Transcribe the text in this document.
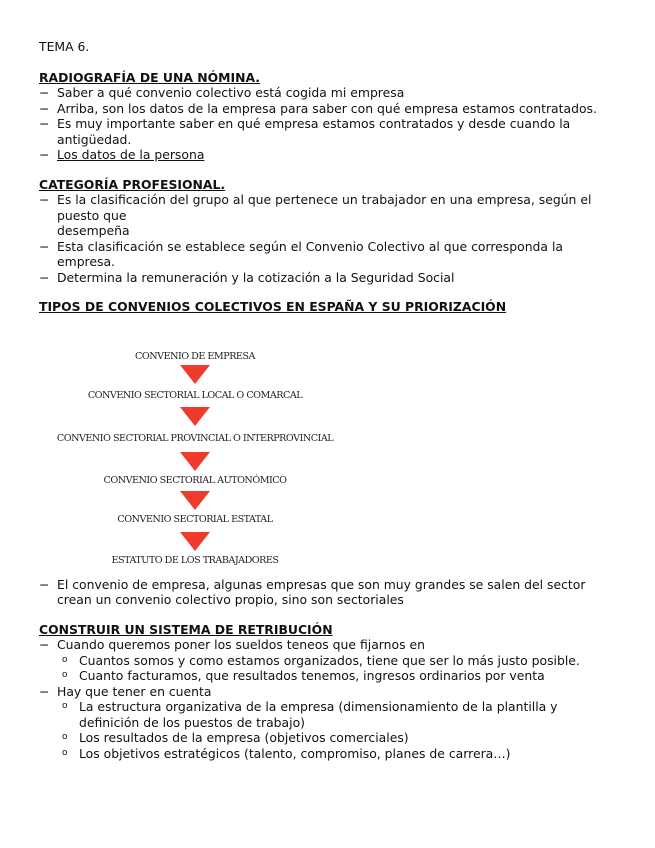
TEMA 6.
RADIOGRAFÍA DE UNA NÓMINA.
− Saber a qué convenio colectivo está cogida mi empresa
− Arriba, son los datos de la empresa para saber con qué empresa estamos contratados.
− Es muy importante saber en qué empresa estamos contratados y desde cuando la antigüedad.
− Los datos de la persona
CATEGORÍA PROFESIONAL.
− Es la clasificación del grupo al que pertenece un trabajador en una empresa, según el puesto que
desempeña
− Esta clasificación se establece según el Convenio Colectivo al que corresponda la empresa.
− Determina la remuneración y la cotización a la Seguridad Social
TIPOS DE CONVENIOS COLECTIVOS EN ESPAÑA Y SU PRIORIZACIÓN
CONVENIO DE EMPRESA
CONVENIO SECTORIAL LOCAL O COMARCAL
CONVENIO SECTORIAL PROVINCIAL O INTERPROVINCIAL
CONVENIO SECTORIAL AUTONÓMICO
CONVENIO SECTORIAL ESTATAL
ESTATUTO DE LOS TRABAJADORES
− El convenio de empresa, algunas empresas que son muy grandes se salen del sector crean un convenio colectivo propio, sino son sectoriales
CONSTRUIR UN SISTEMA DE RETRIBUCIÓN
− Cuando queremos poner los sueldos teneos que fijarnos en
o Cuantos somos y como estamos organizados, tiene que ser lo más justo posible.
o Cuanto facturamos, que resultados tenemos, ingresos ordinarios por venta
− Hay que tener en cuenta
o La estructura organizativa de la empresa (dimensionamiento de la plantilla y definición de los puestos de trabajo)
o Los resultados de la empresa (objetivos comerciales)
o Los objetivos estratégicos (talento, compromiso, planes de carrera…)
